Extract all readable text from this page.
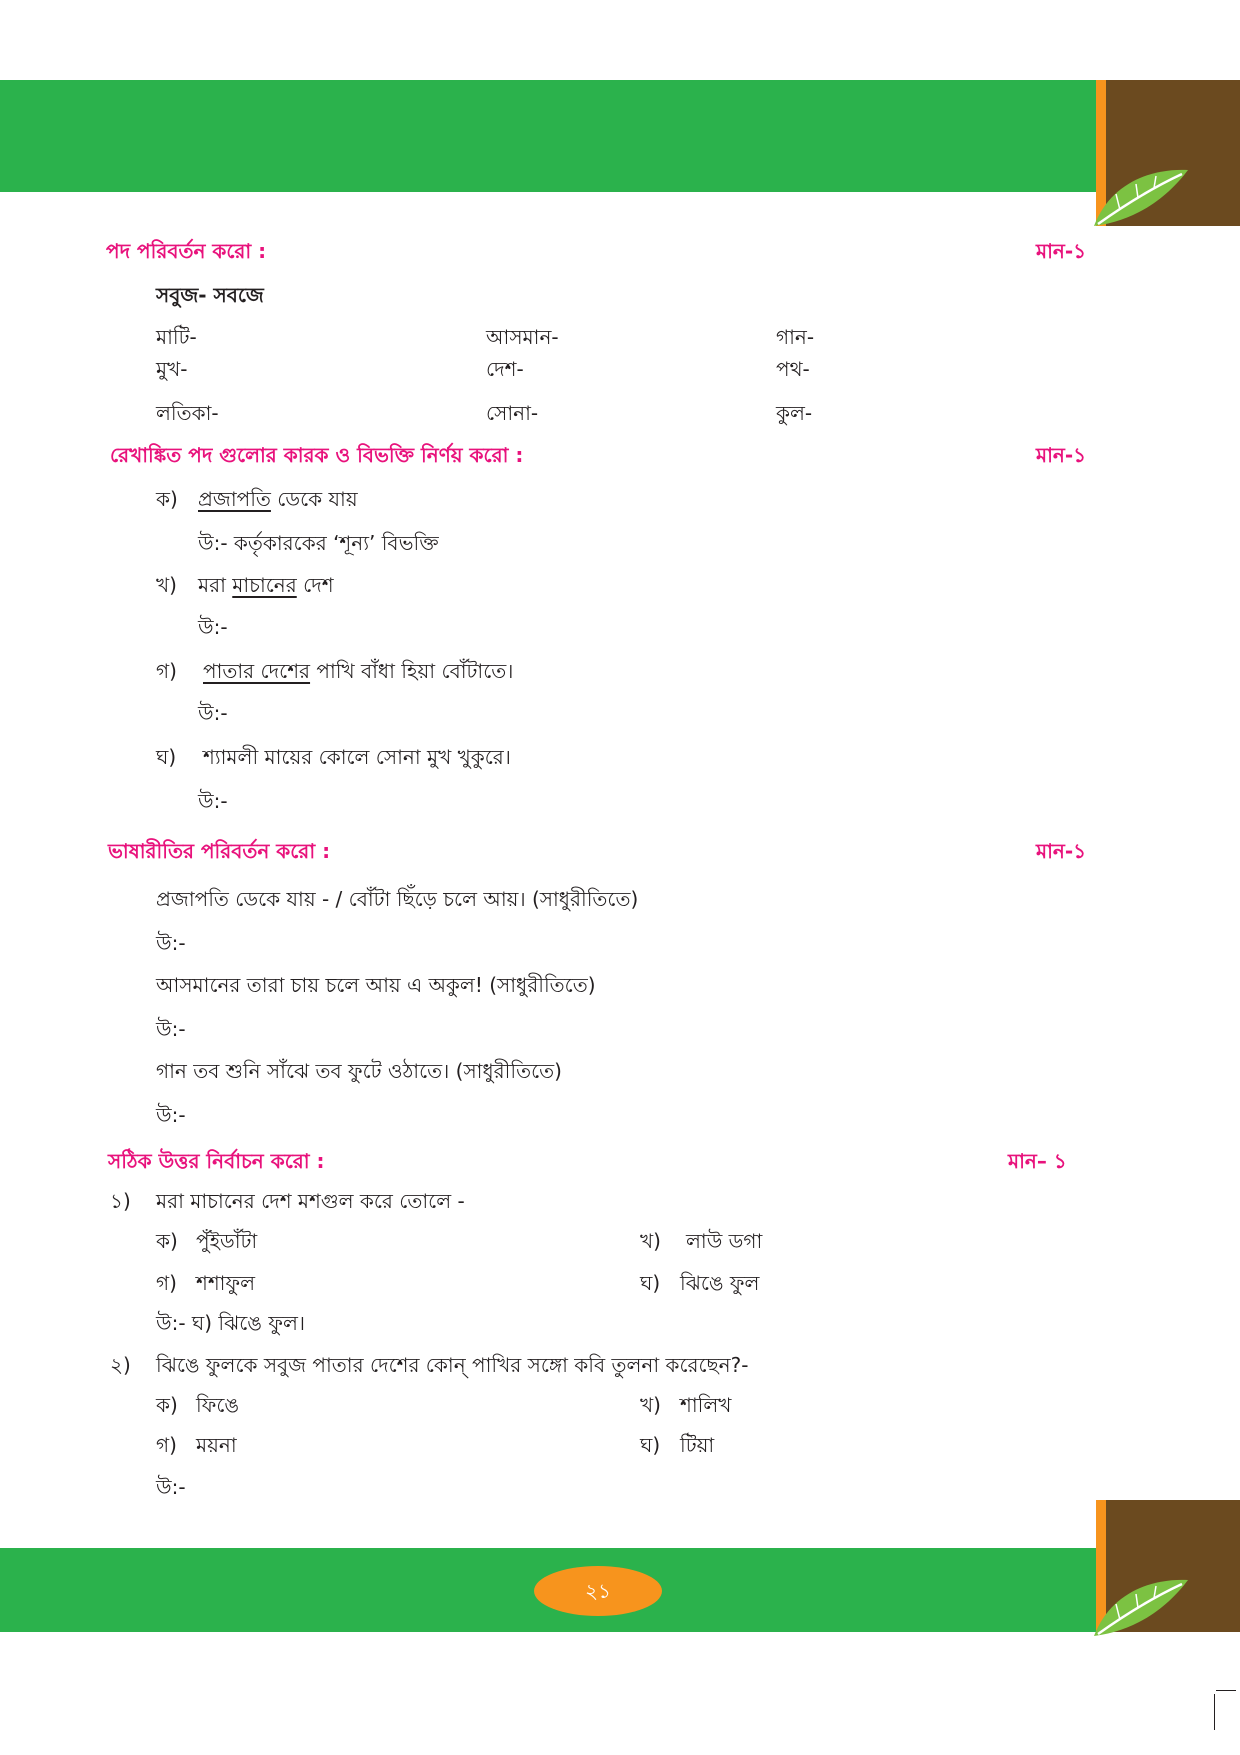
পদ পরিবর্তন করো :	মান-১
সবুজ- সবজে
মাটি-	আসমান-	গান-
মুখ-	দেশ-	পথ-
লতিকা-	সোনা-	কুল-
রেখাঙ্কিত পদ গুলোর কারক ও বিভক্তি নির্ণয় করো :	মান-১
ক) প্রজাপতি ডেকে যায়
উ:- কর্তৃকারকের ‘শূন্য’ বিভক্তি
খ) মরা মাচানের দেশ
উ:-
গ) পাতার দেশের পাখি বাঁধা হিয়া বোঁটাতে।
উ:-
ঘ) শ্যামলী মায়ের কোলে সোনা মুখ খুকুরে।
উ:-
ভাষারীতির পরিবর্তন করো :	মান-১
প্রজাপতি ডেকে যায় - / বোঁটা ছিঁড়ে চলে আয়। (সাধুরীতিতে)
উ:-
আসমানের তারা চায় চলে আয় এ অকুল! (সাধুরীতিতে)
উ:-
গান তব শুনি সাঁঝে তব ফুটে ওঠাতে। (সাধুরীতিতে)
উ:-
সঠিক উত্তর নির্বাচন করো :	মান– ১
১) মরা মাচানের দেশ মশগুল করে তোলে -
ক) পুঁইডাঁটা	খ) লাউ ডগা
গ) শশাফুল	ঘ) ঝিঙে ফুল
উ:- ঘ) ঝিঙে ফুল।
২) ঝিঙে ফুলকে সবুজ পাতার দেশের কোন্ পাখির সঙ্গো কবি তুলনা করেছেন?-
ক) ফিঙে	খ) শালিখ
গ) ময়না	ঘ) টিয়া
উ:-
২১
